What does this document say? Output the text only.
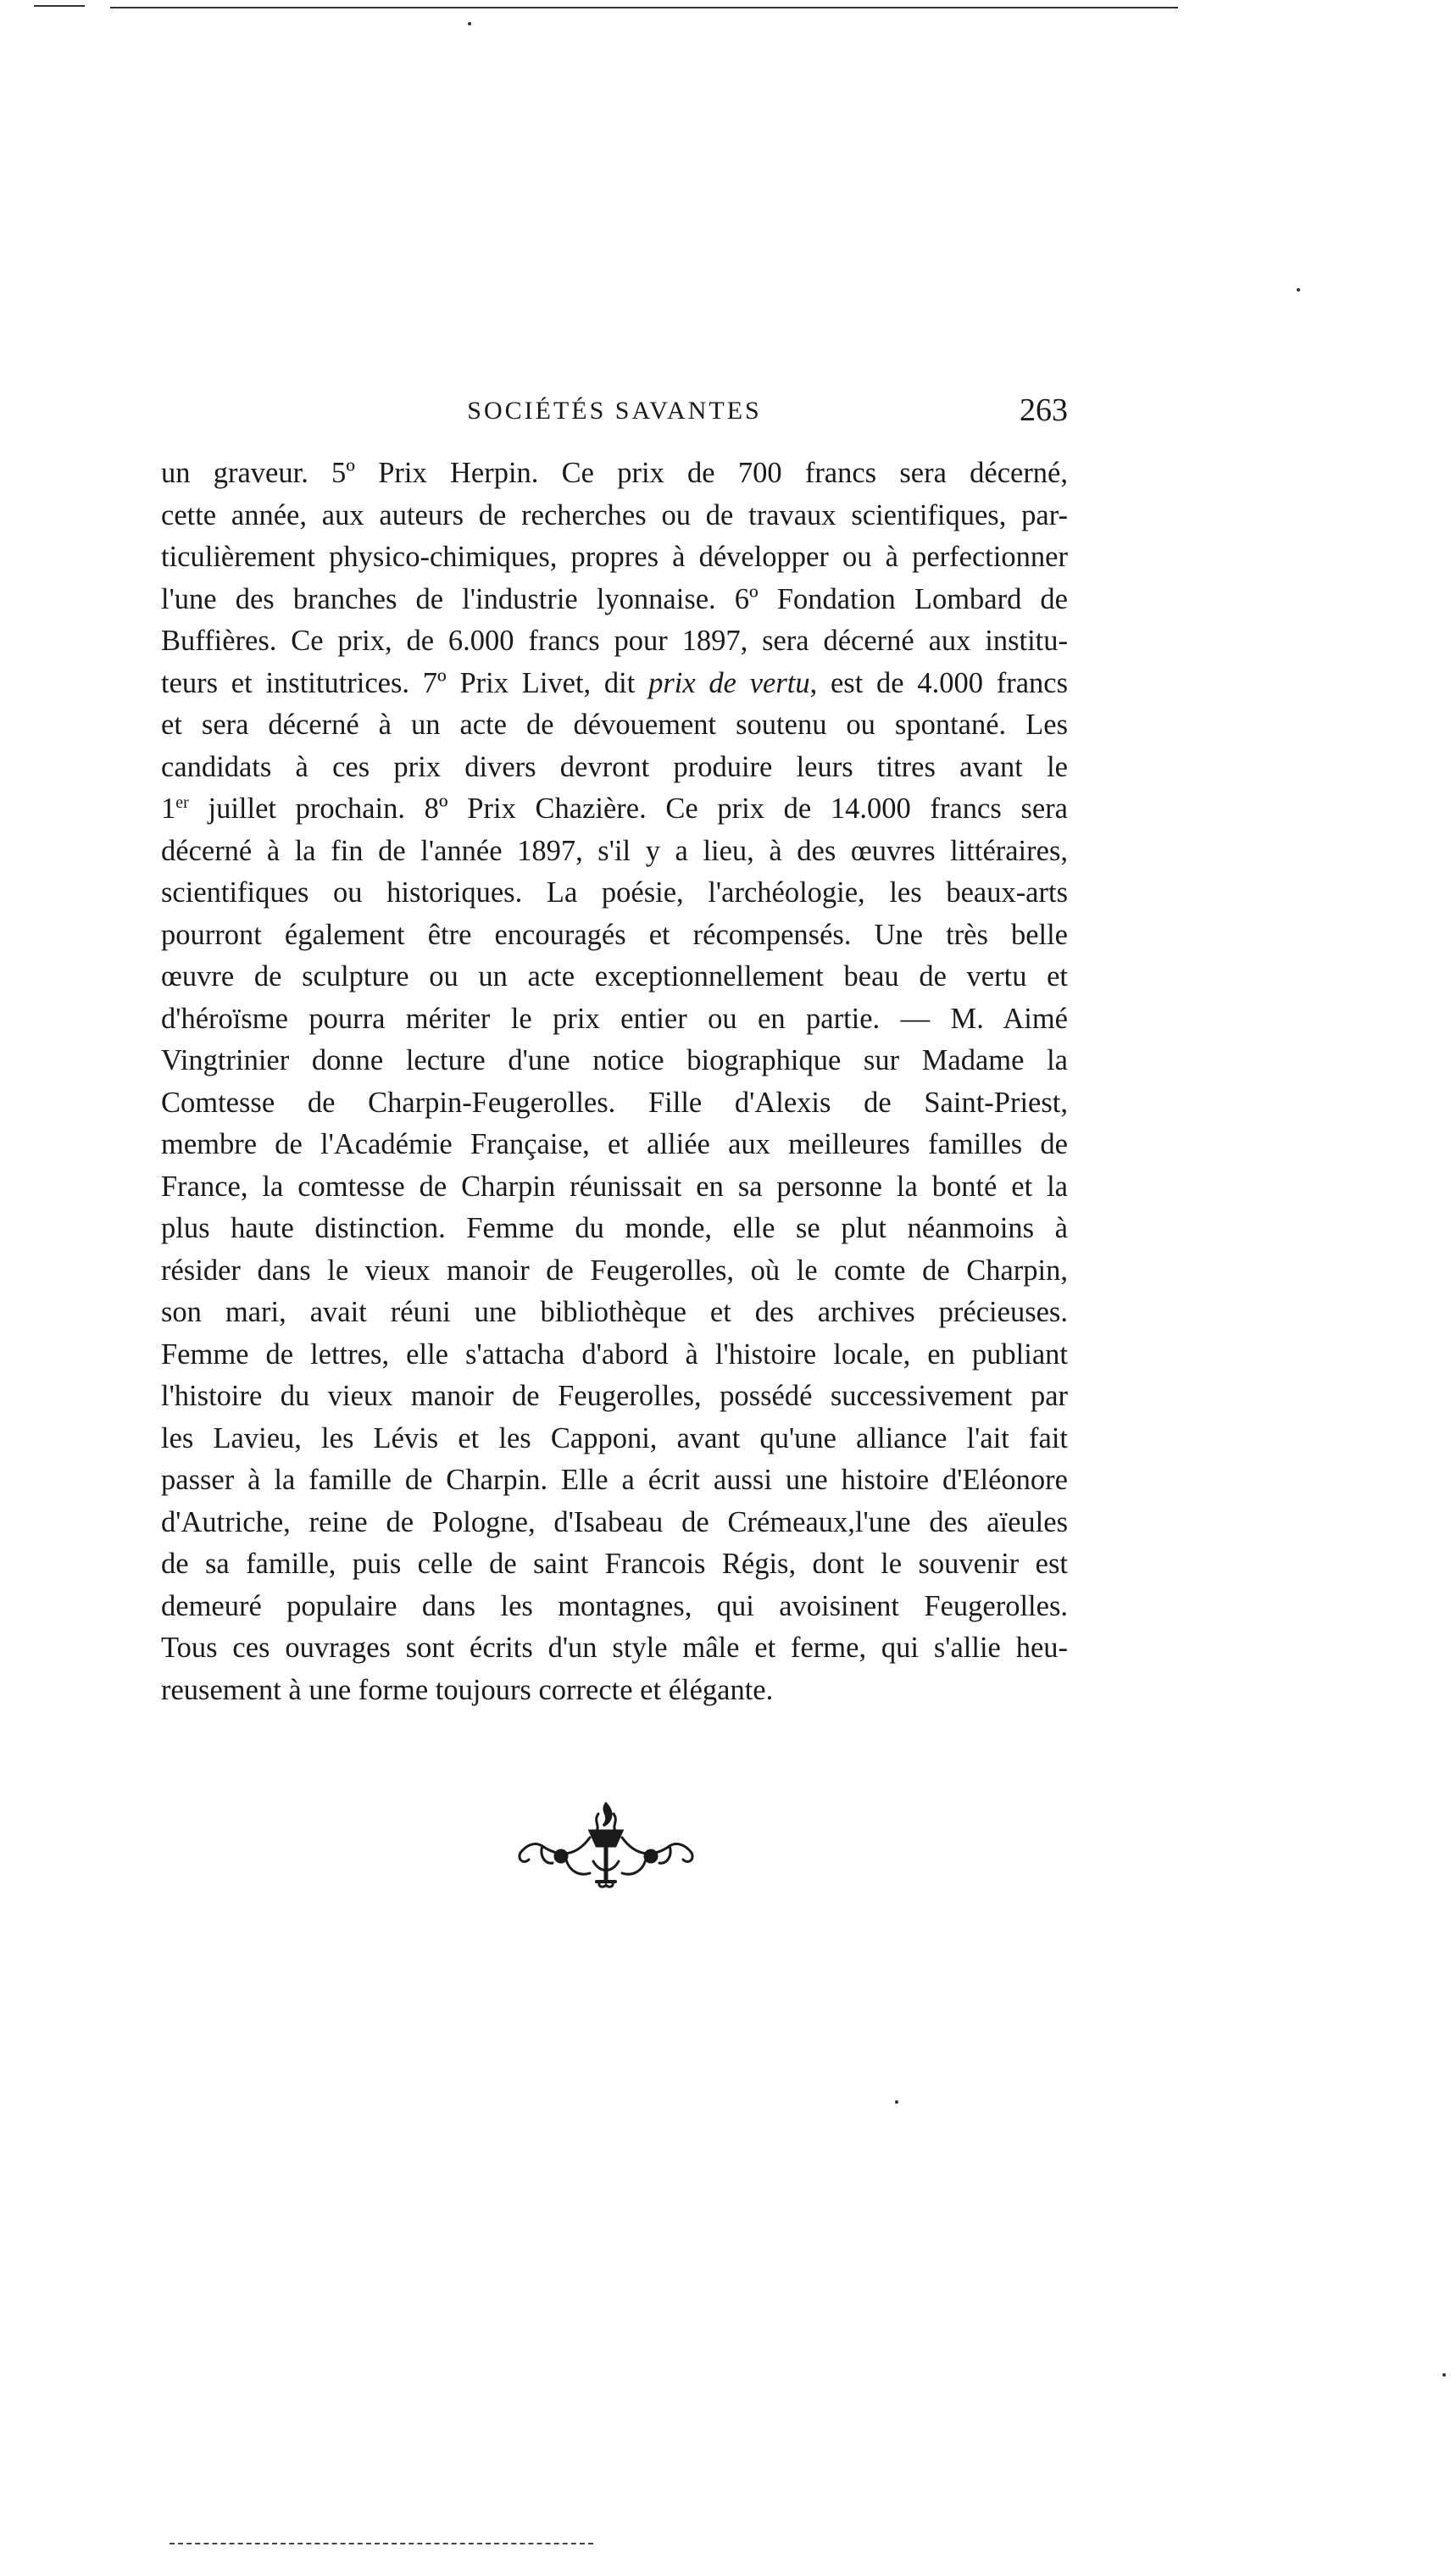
SOCIÉTÉS SAVANTES	263
un graveur. 5º Prix Herpin. Ce prix de 700 francs sera décerné,
cette année, aux auteurs de recherches ou de travaux scientifiques, par-
ticulièrement physico-chimiques, propres à développer ou à perfectionner
l'une des branches de l'industrie lyonnaise. 6º Fondation Lombard de
Buffières. Ce prix, de 6.000 francs pour 1897, sera décerné aux institu-
teurs et institutrices. 7º Prix Livet, dit prix de vertu, est de 4.000 francs
et sera décerné à un acte de dévouement soutenu ou spontané. Les
candidats à ces prix divers devront produire leurs titres avant le
1er juillet prochain. 8º Prix Chazière. Ce prix de 14.000 francs sera
décerné à la fin de l'année 1897, s'il y a lieu, à des œuvres littéraires,
scientifiques ou historiques. La poésie, l'archéologie, les beaux-arts
pourront également être encouragés et récompensés. Une très belle
œuvre de sculpture ou un acte exceptionnellement beau de vertu et
d'héroïsme pourra mériter le prix entier ou en partie. — M. Aimé
Vingtrinier donne lecture d'une notice biographique sur Madame la
Comtesse de Charpin-Feugerolles. Fille d'Alexis de Saint-Priest,
membre de l'Académie Française, et alliée aux meilleures familles de
France, la comtesse de Charpin réunissait en sa personne la bonté et la
plus haute distinction. Femme du monde, elle se plut néanmoins à
résider dans le vieux manoir de Feugerolles, où le comte de Charpin,
son mari, avait réuni une bibliothèque et des archives précieuses.
Femme de lettres, elle s'attacha d'abord à l'histoire locale, en publiant
l'histoire du vieux manoir de Feugerolles, possédé successivement par
les Lavieu, les Lévis et les Capponi, avant qu'une alliance l'ait fait
passer à la famille de Charpin. Elle a écrit aussi une histoire d'Eléonore
d'Autriche, reine de Pologne, d'Isabeau de Crémeaux,l'une des aïeules
de sa famille, puis celle de saint Francois Régis, dont le souvenir est
demeuré populaire dans les montagnes, qui avoisinent Feugerolles.
Tous ces ouvrages sont écrits d'un style mâle et ferme, qui s'allie heu-
reusement à une forme toujours correcte et élégante.
